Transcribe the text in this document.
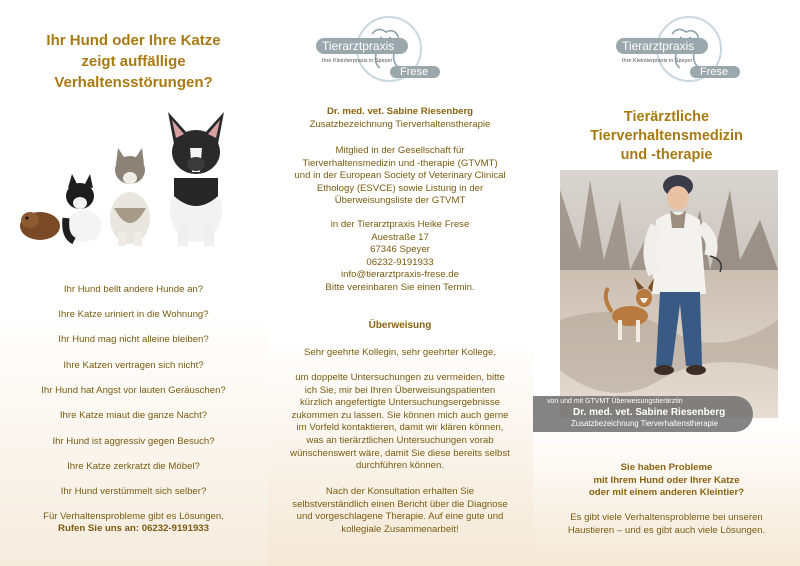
Ihr Hund oder Ihre Katze
zeigt auffällige
Verhaltensstörungen?
Ihr Hund bellt andere Hunde an?
Ihre Katze uriniert in die Wohnung?
Ihr Hund mag nicht alleine bleiben?
Ihre Katzen vertragen sich nicht?
Ihr Hund hat Angst vor lauten Geräuschen?
Ihre Katze miaut die ganze Nacht?
Ihr Hund ist aggressiv gegen Besuch?
Ihre Katze zerkratzt die Möbel?
Ihr Hund verstümmelt sich selber?
Für Verhaltensprobleme gibt es Lösungen.
Rufen Sie uns an: 06232-9191933
Tierarztpraxis
Ihre Kleintierpraxis in Speyer
Frese
Dr. med. vet. Sabine Riesenberg
Zusatzbezeichnung Tierverhaltenstherapie
Mitglied in der Gesellschaft für
Tierverhaltensmedizin und -therapie (GTVMT)
und in der European Society of Veterinary Clinical
Ethology (ESVCE) sowie Listung in der
Überweisungsliste der GTVMT
in der Tierarztpraxis Heike Frese
Auestraße 17
67346 Speyer
06232-9191933
info@tierarztpraxis-frese.de
Bitte vereinbaren Sie einen Termin.
Überweisung
Sehr geehrte Kollegin, sehr geehrter Kollege,
um doppelte Untersuchungen zu vermeiden, bitte
ich Sie, mir bei Ihren Überweisungspatienten
kürzlich angefertigte Untersuchungsergebnisse
zukommen zu lassen. Sie können mich auch gerne
im Vorfeld kontaktieren, damit wir klären können,
was an tierärztlichen Untersuchungen vorab
wünschenswert wäre, damit Sie diese bereits selbst
durchführen können.
Nach der Konsultation erhalten Sie
selbstverständlich einen Bericht über die Diagnose
und vorgeschlagene Therapie. Auf eine gute und
kollegiale Zusammenarbeit!
Tierarztpraxis
Ihre Kleintierpraxis in Speyer
Frese
Tierärztliche
Tierverhaltensmedizin
und -therapie
von und mit GTVMT Überweisungstierärztin
Dr. med. vet. Sabine Riesenberg
Zusatzbezeichnung Tierverhaltenstherapie
Sie haben Probleme
mit Ihrem Hund oder Ihrer Katze
oder mit einem anderen Kleintier?
Es gibt viele Verhaltensprobleme bei unseren
Haustieren – und es gibt auch viele Lösungen.
